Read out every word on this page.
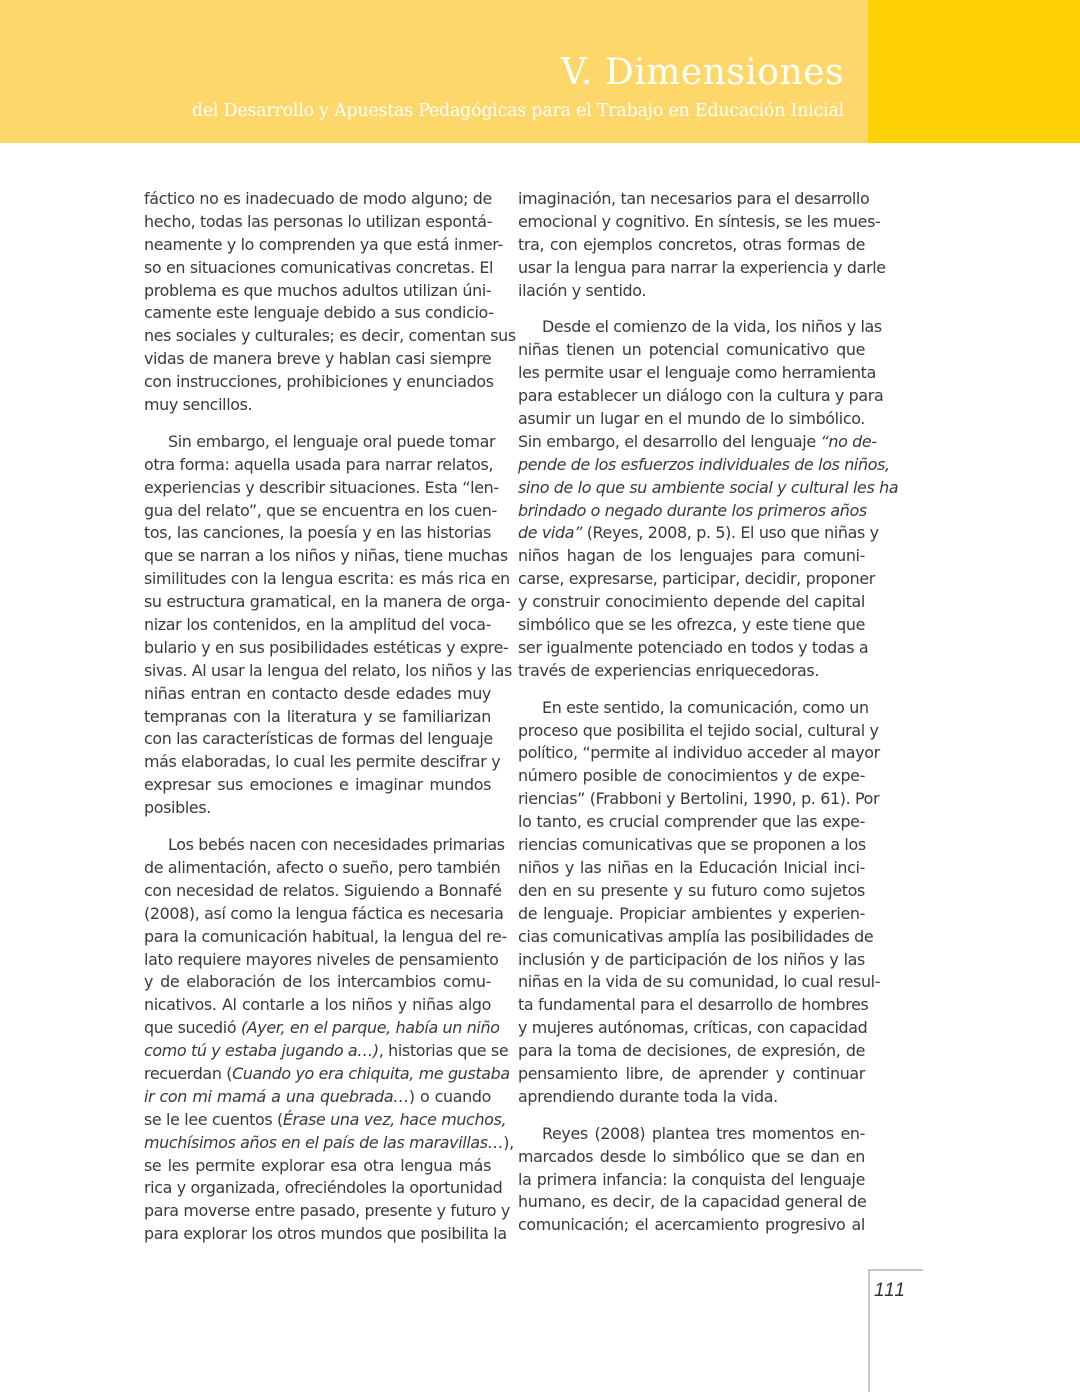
V. Dimensiones
del Desarrollo y Apuestas Pedagógicas para el Trabajo en Educación Inicial
fáctico no es inadecuado de modo alguno; de
hecho, todas las personas lo utilizan espontá-
neamente y lo comprenden ya que está inmer-
so en situaciones comunicativas concretas. El
problema es que muchos adultos utilizan úni-
camente este lenguaje debido a sus condicio-
nes sociales y culturales; es decir, comentan sus
vidas de manera breve y hablan casi siempre
con instrucciones, prohibiciones y enunciados
muy sencillos.
Sin embargo, el lenguaje oral puede tomar
otra forma: aquella usada para narrar relatos,
experiencias y describir situaciones. Esta “len-
gua del relato”, que se encuentra en los cuen-
tos, las canciones, la poesía y en las historias
que se narran a los niños y niñas, tiene muchas
similitudes con la lengua escrita: es más rica en
su estructura gramatical, en la manera de orga-
nizar los contenidos, en la amplitud del voca-
bulario y en sus posibilidades estéticas y expre-
sivas. Al usar la lengua del relato, los niños y las
niñas entran en contacto desde edades muy
tempranas con la literatura y se familiarizan
con las características de formas del lenguaje
más elaboradas, lo cual les permite descifrar y
expresar sus emociones e imaginar mundos
posibles.
Los bebés nacen con necesidades primarias
de alimentación, afecto o sueño, pero también
con necesidad de relatos. Siguiendo a Bonnafé
(2008), así como la lengua fáctica es necesaria
para la comunicación habitual, la lengua del re-
lato requiere mayores niveles de pensamiento
y de elaboración de los intercambios comu-
nicativos. Al contarle a los niños y niñas algo
que sucedió (Ayer, en el parque, había un niño
como tú y estaba jugando a…), historias que se
recuerdan (Cuando yo era chiquita, me gustaba
ir con mi mamá a una quebrada…) o cuando
se le lee cuentos (Érase una vez, hace muchos,
muchísimos años en el país de las maravillas…),
se les permite explorar esa otra lengua más
rica y organizada, ofreciéndoles la oportunidad
para moverse entre pasado, presente y futuro y
para explorar los otros mundos que posibilita la
imaginación, tan necesarios para el desarrollo
emocional y cognitivo. En síntesis, se les mues-
tra, con ejemplos concretos, otras formas de
usar la lengua para narrar la experiencia y darle
ilación y sentido.
Desde el comienzo de la vida, los niños y las
niñas tienen un potencial comunicativo que
les permite usar el lenguaje como herramienta
para establecer un diálogo con la cultura y para
asumir un lugar en el mundo de lo simbólico.
Sin embargo, el desarrollo del lenguaje “no de-
pende de los esfuerzos individuales de los niños,
sino de lo que su ambiente social y cultural les ha
brindado o negado durante los primeros años
de vida” (Reyes, 2008, p. 5). El uso que niñas y
niños hagan de los lenguajes para comuni-
carse, expresarse, participar, decidir, proponer
y construir conocimiento depende del capital
simbólico que se les ofrezca, y este tiene que
ser igualmente potenciado en todos y todas a
través de experiencias enriquecedoras.
En este sentido, la comunicación, como un
proceso que posibilita el tejido social, cultural y
político, “permite al individuo acceder al mayor
número posible de conocimientos y de expe-
riencias” (Frabboni y Bertolini, 1990, p. 61). Por
lo tanto, es crucial comprender que las expe-
riencias comunicativas que se proponen a los
niños y las niñas en la Educación Inicial inci-
den en su presente y su futuro como sujetos
de lenguaje. Propiciar ambientes y experien-
cias comunicativas amplía las posibilidades de
inclusión y de participación de los niños y las
niñas en la vida de su comunidad, lo cual resul-
ta fundamental para el desarrollo de hombres
y mujeres autónomas, críticas, con capacidad
para la toma de decisiones, de expresión, de
pensamiento libre, de aprender y continuar
aprendiendo durante toda la vida.
Reyes (2008) plantea tres momentos en-
marcados desde lo simbólico que se dan en
la primera infancia: la conquista del lenguaje
humano, es decir, de la capacidad general de
comunicación; el acercamiento progresivo al
111
